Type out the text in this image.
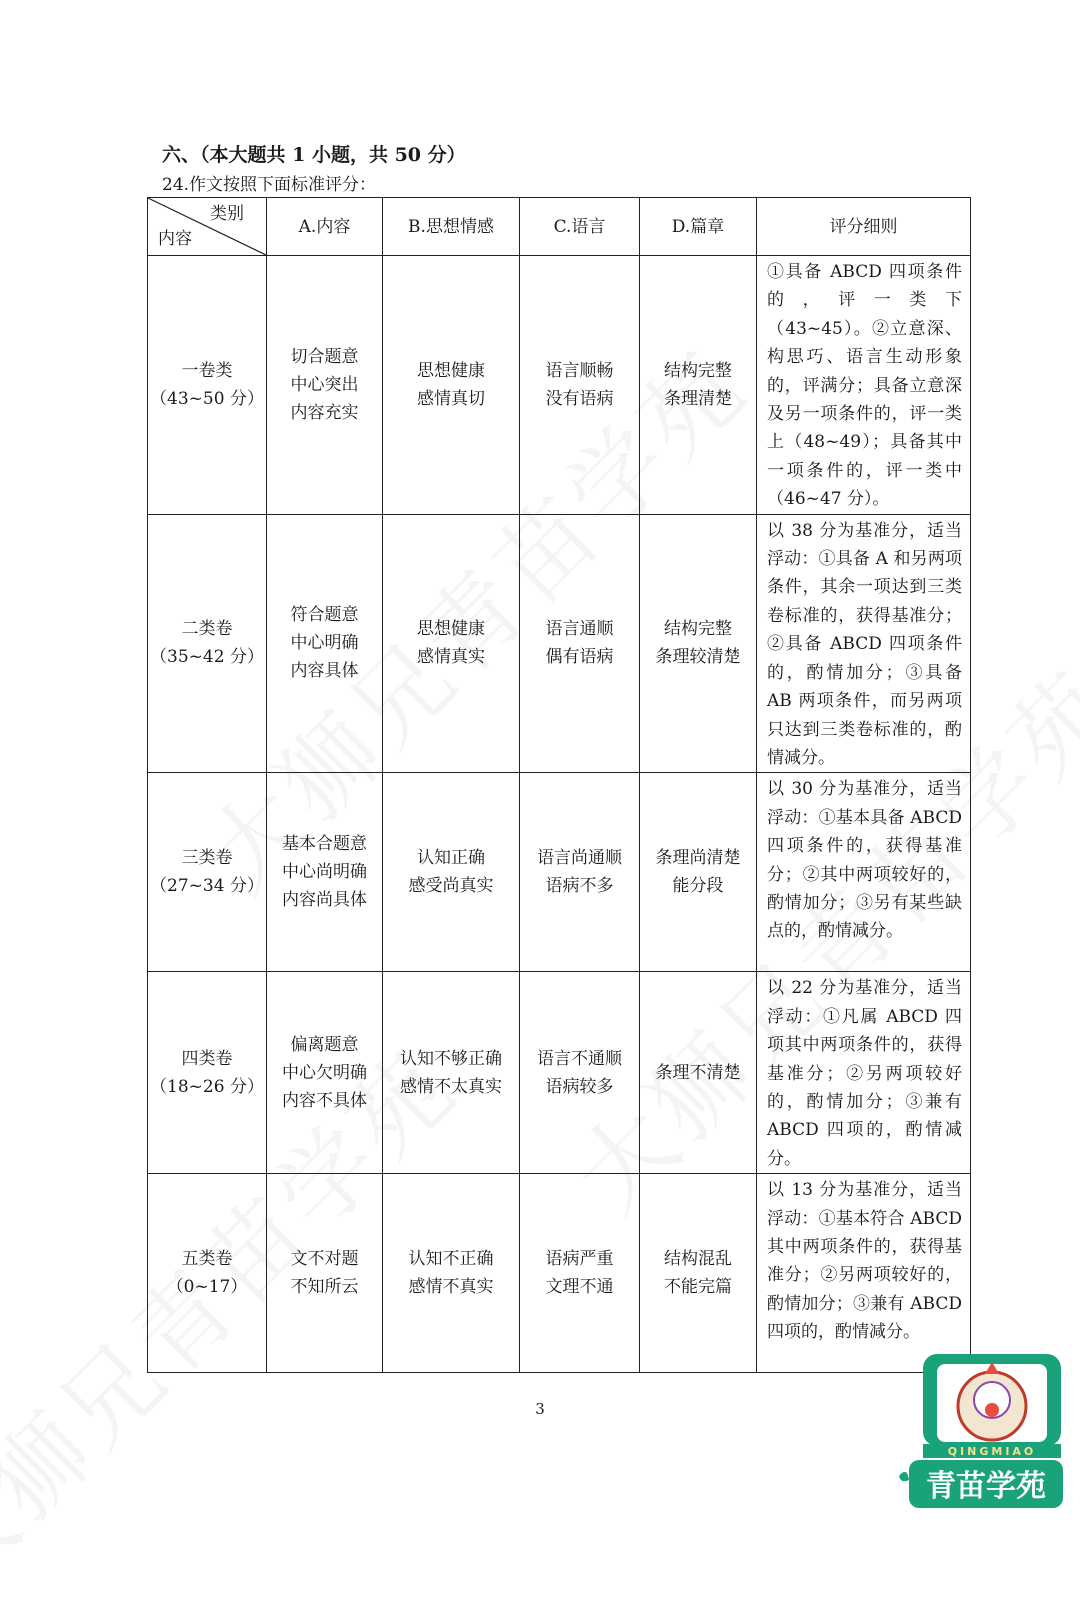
六、（本大题共 1 小题，共 50 分）
24.作文按照下面标准评分：
类别
内容	A.内容	B.思想情感	C.语言	D.篇章	评分细则

一卷类
（43~50 分）	切合题意
中心突出
内容充实	思想健康
感情真切	语言顺畅
没有语病	结构完整
条理清楚	①具备 ABCD 四项条件的，评一类下（43~45）。②立意深、构思巧、语言生动形象的，评满分；具备立意深及另一项条件的，评一类上（48~49）；具备其中一项条件的，评一类中（46~47 分）。

二类卷
（35~42 分）	符合题意
中心明确
内容具体	思想健康
感情真实	语言通顺
偶有语病	结构完整
条理较清楚	以 38 分为基准分，适当浮动：①具备 A 和另两项条件，其余一项达到三类卷标准的，获得基准分；②具备 ABCD 四项条件的，酌情加分；③具备 AB 两项条件，而另两项只达到三类卷标准的，酌情减分。

三类卷
（27~34 分）	基本合题意
中心尚明确
内容尚具体	认知正确
感受尚真实	语言尚通顺
语病不多	条理尚清楚
能分段	以 30 分为基准分，适当浮动：①基本具备 ABCD 四项条件的，获得基准分；②其中两项较好的，酌情加分；③另有某些缺点的，酌情减分。

四类卷
（18~26 分）	偏离题意
中心欠明确
内容不具体	认知不够正确
感情不太真实	语言不通顺
语病较多	条理不清楚	以 22 分为基准分，适当浮动：①凡属 ABCD 四项其中两项条件的，获得基准分；②另两项较好的，酌情加分；③兼有 ABCD 四项的，酌情减分。

五类卷
（0~17）	文不对题
不知所云	认知不正确
感情不真实	语病严重
文理不通	结构混乱
不能完篇	以 13 分为基准分，适当浮动：①基本符合 ABCD 其中两项条件的，获得基准分；②另两项较好的，酌情加分；③兼有 ABCD 四项的，酌情减分。
3
QINGMIAO
青苗学苑
